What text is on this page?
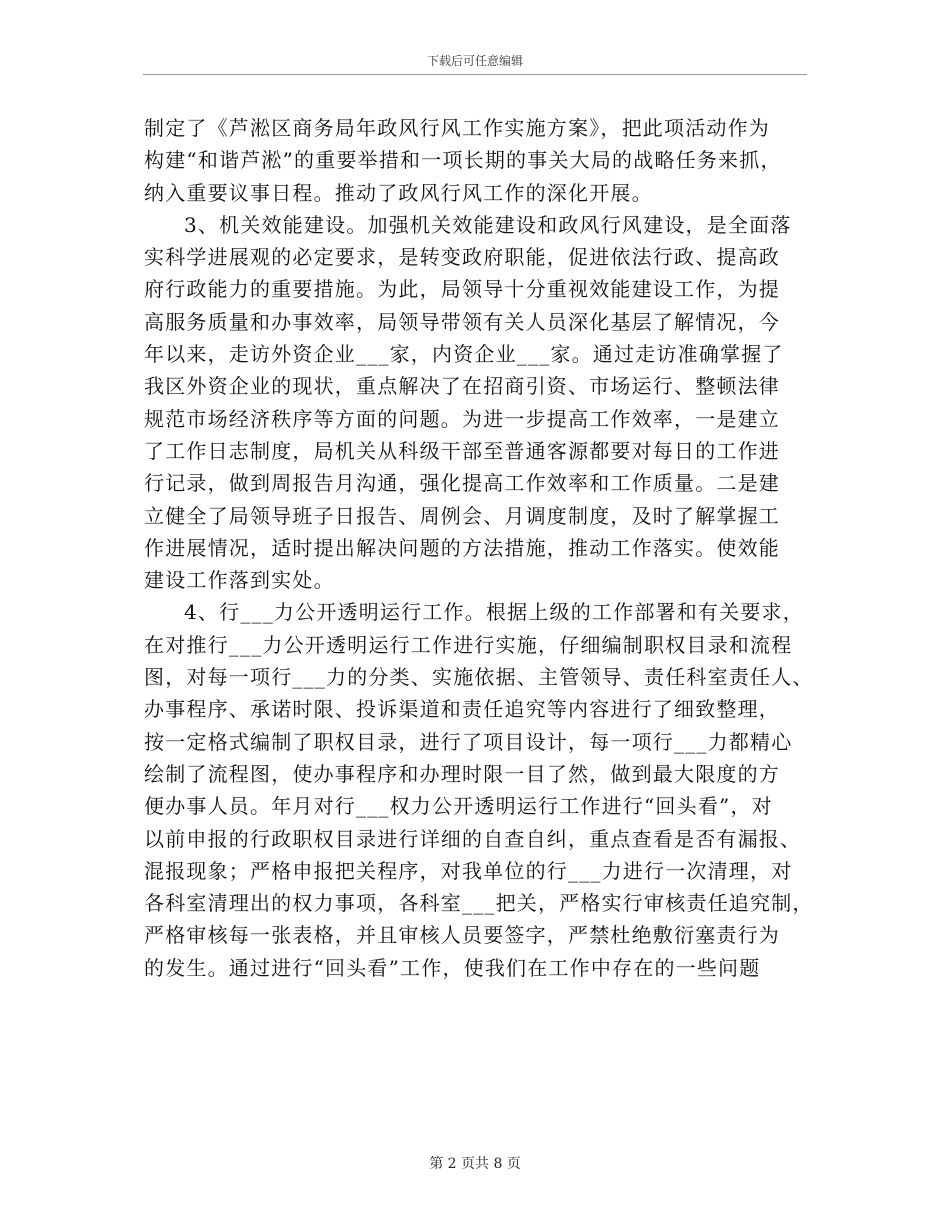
下载后可任意编辑
制定了《芦淞区商务局年政风行风工作实施方案》，把此项活动作为
构建“和谐芦淞”的重要举措和一项长期的事关大局的战略任务来抓，
纳入重要议事日程。推动了政风行风工作的深化开展。
3、机关效能建设。加强机关效能建设和政风行风建设，是全面落
实科学进展观的必定要求，是转变政府职能，促进依法行政、提高政
府行政能力的重要措施。为此，局领导十分重视效能建设工作，为提
高服务质量和办事效率，局领导带领有关人员深化基层了解情况，今
年以来，走访外资企业___家，内资企业___家。通过走访准确掌握了
我区外资企业的现状，重点解决了在招商引资、市场运行、整顿法律
规范市场经济秩序等方面的问题。为进一步提高工作效率，一是建立
了工作日志制度，局机关从科级干部至普通客源都要对每日的工作进
行记录，做到周报告月沟通，强化提高工作效率和工作质量。二是建
立健全了局领导班子日报告、周例会、月调度制度，及时了解掌握工
作进展情况，适时提出解决问题的方法措施，推动工作落实。使效能
建设工作落到实处。
4、行___力公开透明运行工作。根据上级的工作部署和有关要求，
在对推行___力公开透明运行工作进行实施，仔细编制职权目录和流程
图，对每一项行___力的分类、实施依据、主管领导、责任科室责任人、
办事程序、承诺时限、投诉渠道和责任追究等内容进行了细致整理，
按一定格式编制了职权目录，进行了项目设计，每一项行___力都精心
绘制了流程图，使办事程序和办理时限一目了然，做到最大限度的方
便办事人员。年月对行___权力公开透明运行工作进行“回头看”，对
以前申报的行政职权目录进行详细的自查自纠，重点查看是否有漏报、
混报现象；严格申报把关程序，对我单位的行___力进行一次清理，对
各科室清理出的权力事项，各科室___把关，严格实行审核责任追究制，
严格审核每一张表格，并且审核人员要签字，严禁杜绝敷衍塞责行为
的发生。通过进行“回头看”工作，使我们在工作中存在的一些问题
第 2 页共 8 页
